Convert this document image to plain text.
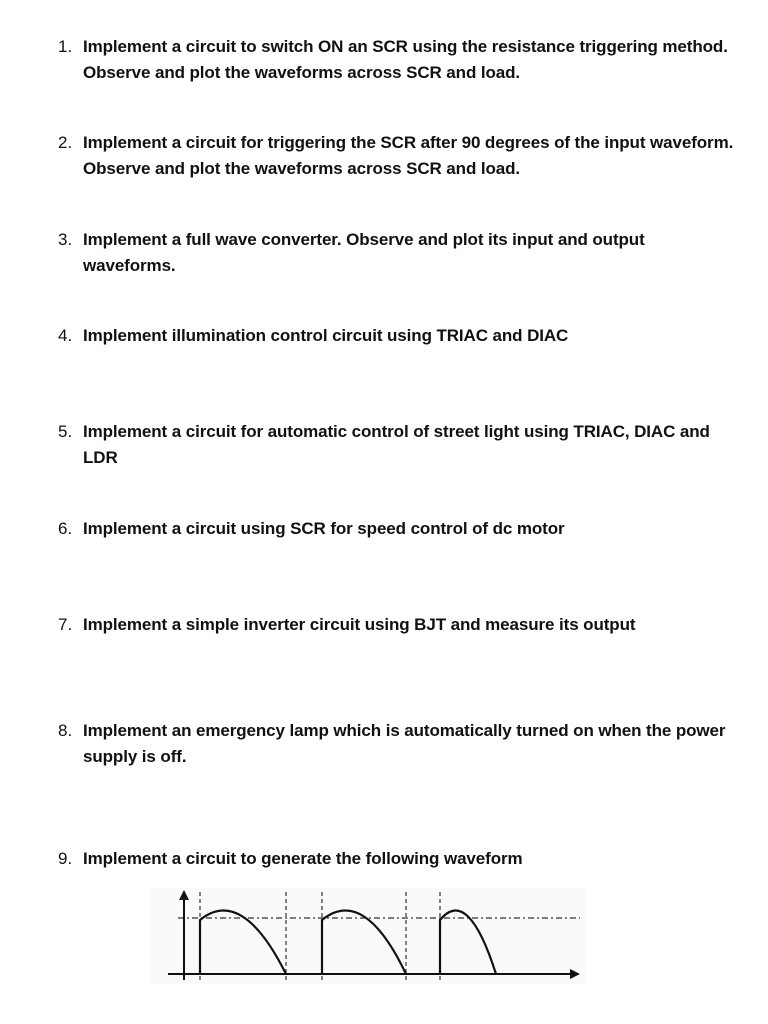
1. Implement a circuit to switch ON an SCR using the resistance triggering method. Observe and plot the waveforms across SCR and load.
2. Implement a circuit for triggering the SCR after 90 degrees of the input waveform. Observe and plot the waveforms across SCR and load.
3. Implement a full wave converter. Observe and plot its input and output waveforms.
4. Implement illumination control circuit using TRIAC and DIAC
5. Implement a circuit for automatic control of street light using TRIAC, DIAC and LDR
6. Implement a circuit using SCR for speed control of dc motor
7. Implement a simple inverter circuit using BJT and measure its output
8. Implement an emergency lamp which is automatically turned on when the power supply is off.
9. Implement a circuit to generate the following waveform
